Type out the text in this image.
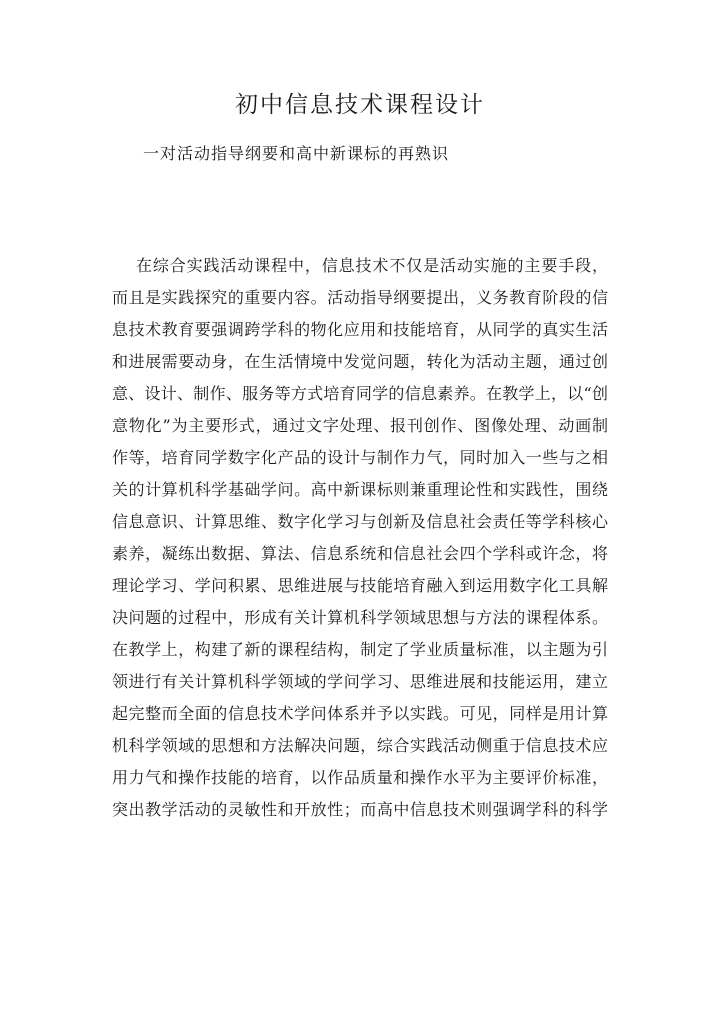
初中信息技术课程设计
一对活动指导纲要和高中新课标的再熟识
在综合实践活动课程中，信息技术不仅是活动实施的主要手段，
而且是实践探究的重要内容。活动指导纲要提出，义务教育阶段的信
息技术教育要强调跨学科的物化应用和技能培育，从同学的真实生活
和进展需要动身，在生活情境中发觉问题，转化为活动主题，通过创
意、设计、制作、服务等方式培育同学的信息素养。在教学上，以“创
意物化”为主要形式，通过文字处理、报刊创作、图像处理、动画制
作等，培育同学数字化产品的设计与制作力气，同时加入一些与之相
关的计算机科学基础学问。高中新课标则兼重理论性和实践性，围绕
信息意识、计算思维、数字化学习与创新及信息社会责任等学科核心
素养，凝练出数据、算法、信息系统和信息社会四个学科或许念，将
理论学习、学问积累、思维进展与技能培育融入到运用数字化工具解
决问题的过程中，形成有关计算机科学领域思想与方法的课程体系。
在教学上，构建了新的课程结构，制定了学业质量标准，以主题为引
领进行有关计算机科学领域的学问学习、思维进展和技能运用，建立
起完整而全面的信息技术学问体系并予以实践。可见，同样是用计算
机科学领域的思想和方法解决问题，综合实践活动侧重于信息技术应
用力气和操作技能的培育，以作品质量和操作水平为主要评价标准，
突出教学活动的灵敏性和开放性；而高中信息技术则强调学科的科学
